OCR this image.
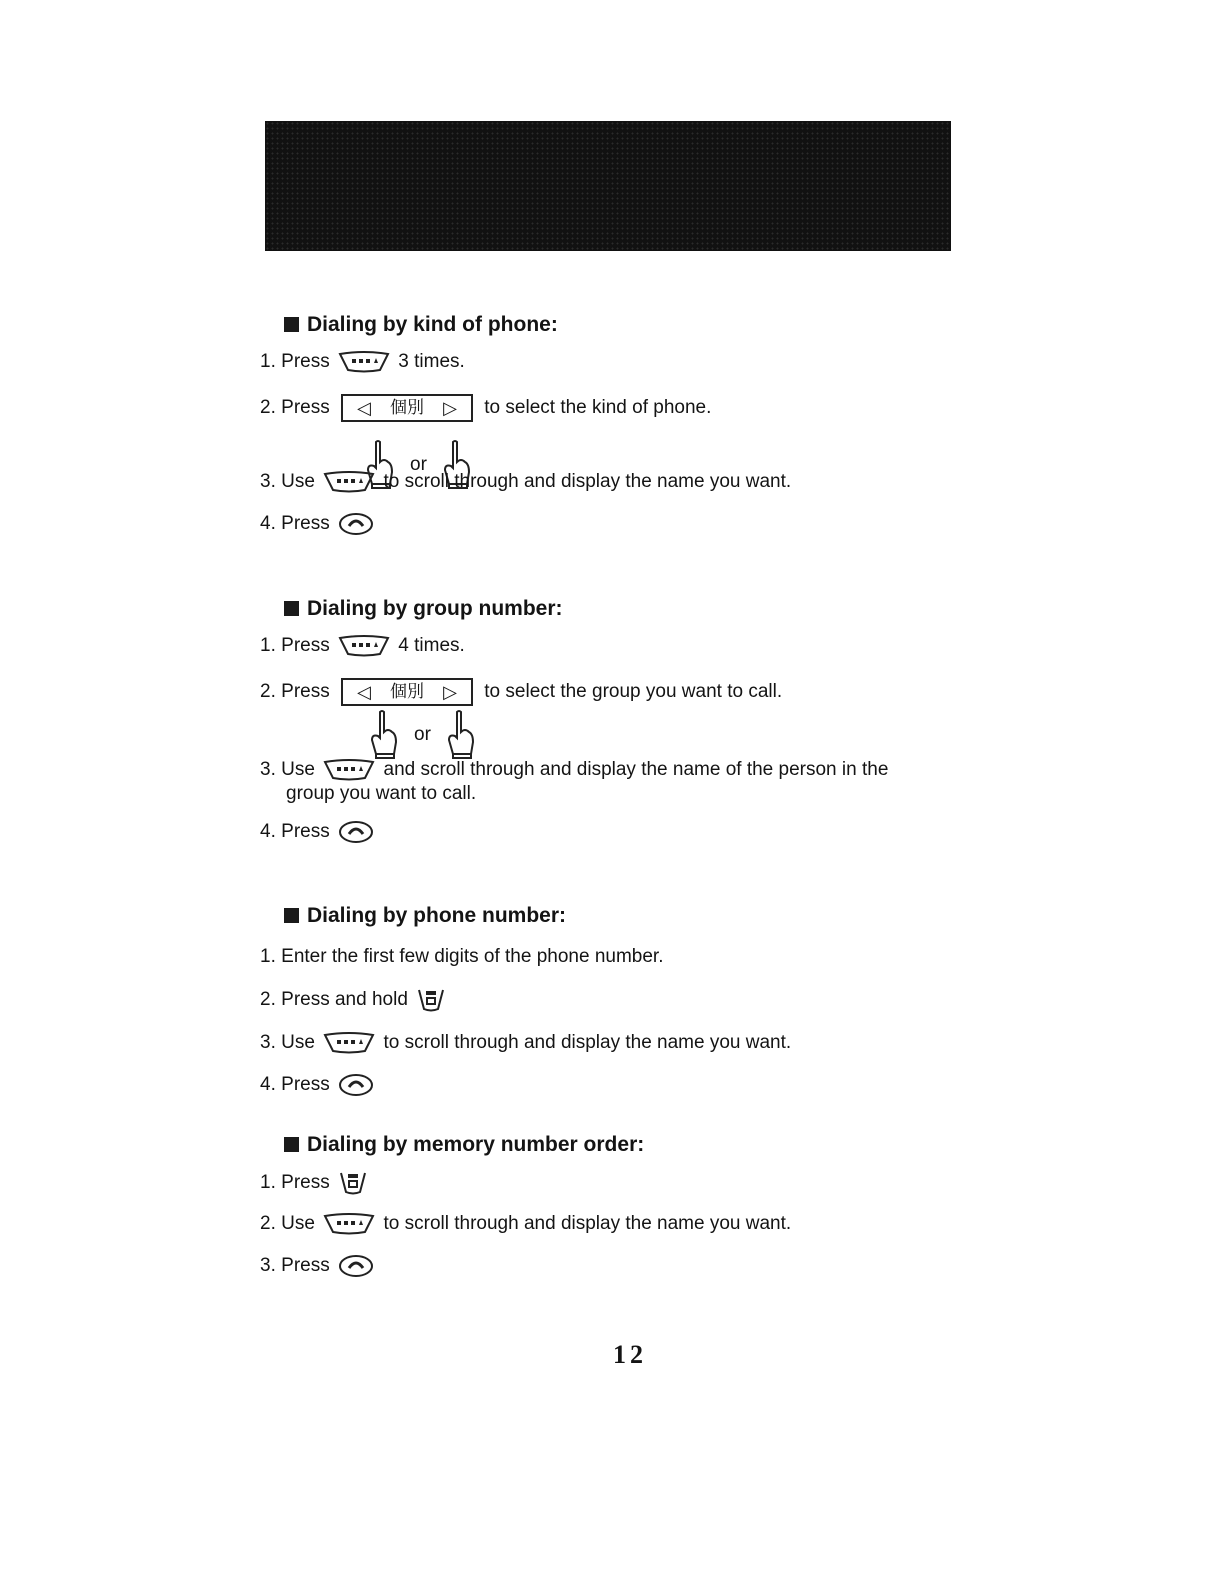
Dialing by kind of phone:
1. Press	3 times.
2. Press ◁ 個別 ▷ to select the kind of phone.
or
3. Use	to scroll through and display the name you want.
4. Press
Dialing by group number:
1. Press	4 times.
2. Press ◁ 個別 ▷ to select the group you want to call.
or
3. Use	and scroll through and display the name of the person in the
group you want to call.
4. Press
Dialing by phone number:
1. Enter the first few digits of the phone number.
2. Press and hold
3. Use	to scroll through and display the name you want.
4. Press
Dialing by memory number order:
1. Press
2. Use	to scroll through and display the name you want.
3. Press
12
